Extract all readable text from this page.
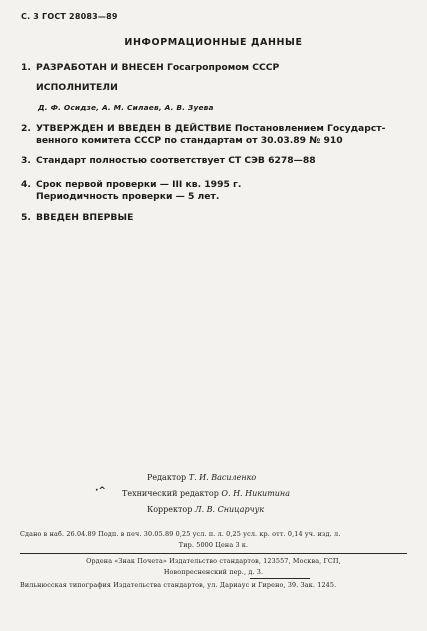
С. 3 ГОСТ 28083—89
ИНФОРМАЦИОННЫЕ ДАННЫЕ
1. РАЗРАБОТАН И ВНЕСЕН Госагропромом СССР
ИСПОЛНИТЕЛИ
Д. Ф. Осидзе, А. М. Силаев, А. В. Зуева
2. УТВЕРЖДЕН И ВВЕДЕН В ДЕЙСТВИЕ Постановлением Государст-
венного комитета СССР по стандартам от 30.03.89 № 910
3. Стандарт полностью соответствует СТ СЭВ 6278—88
4. Срок первой проверки — III кв. 1995 г.
Периодичность проверки — 5 лет.
5. ВВЕДЕН ВПЕРВЫЕ
·^
Редактор Т. И. Василенко
Технический редактор О. Н. Никитина
Корректор Л. В. Сницарчук
Сдано в наб. 26.04.89 Подп. в печ. 30.05.89 0,25 усл. п. л. 0,25 усл. кр. отт. 0,14 уч. изд. л.
Тир. 5000 Цена 3 к.
Ордена «Знак Почета» Издательство стандартов, 123557, Москва, ГСП,
Новопресненский пер., д. 3.
Вильнюсская типография Издательства стандартов, ул. Дариаус и Гирено, 39. Зак. 1245.
